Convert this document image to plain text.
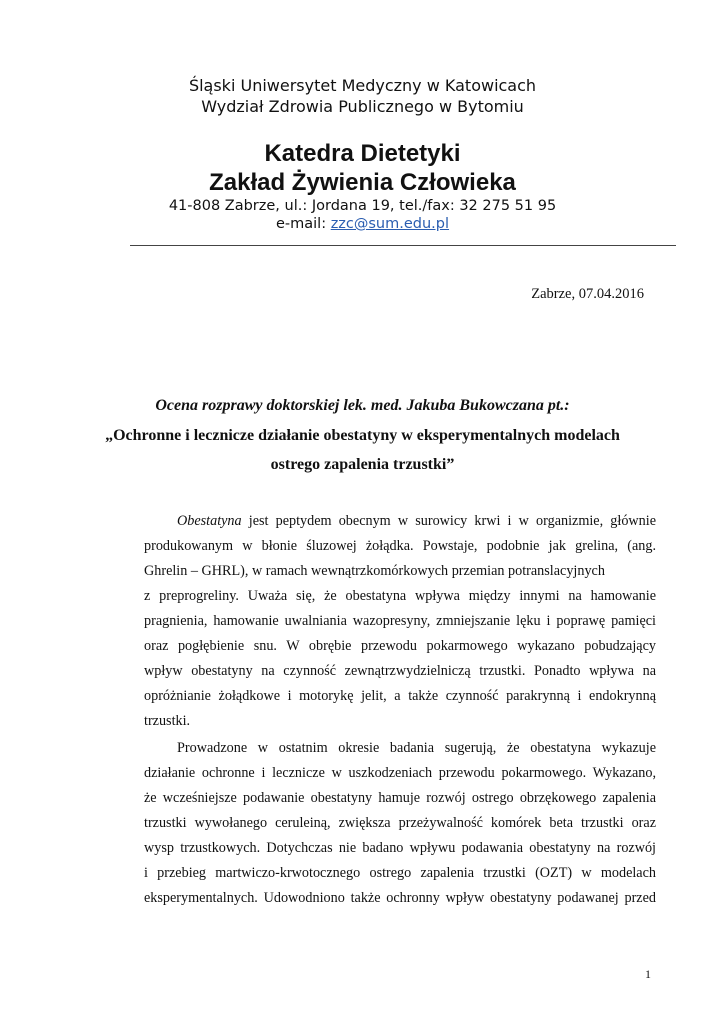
Śląski Uniwersytet Medyczny w Katowicach
Wydział Zdrowia Publicznego w Bytomiu
Katedra Dietetyki
Zakład Żywienia Człowieka
41-808 Zabrze, ul.: Jordana 19, tel./fax: 32 275 51 95
e-mail: zzc@sum.edu.pl
Zabrze, 07.04.2016
Ocena rozprawy doktorskiej lek. med. Jakuba Bukowczana pt.:
„Ochronne i lecznicze działanie obestatyny w eksperymentalnych modelach
ostrego zapalenia trzustki”
Obestatyna jest peptydem obecnym w surowicy krwi i w organizmie, głównie
produkowanym w błonie śluzowej żołądka. Powstaje, podobnie jak grelina, (ang.
Ghrelin – GHRL), w ramach wewnątrzkomórkowych przemian potranslacyjnych
z preprogreliny. Uważa się, że obestatyna wpływa między innymi na hamowanie
pragnienia, hamowanie uwalniania wazopresyny, zmniejszanie lęku i poprawę pamięci
oraz pogłębienie snu. W obrębie przewodu pokarmowego wykazano pobudzający
wpływ obestatyny na czynność zewnątrzwydzielniczą trzustki. Ponadto wpływa na
opróżnianie żołądkowe i motorykę jelit, a także czynność parakrynną i endokrynną
trzustki.
Prowadzone w ostatnim okresie badania sugerują, że obestatyna wykazuje
działanie ochronne i lecznicze w uszkodzeniach przewodu pokarmowego. Wykazano,
że wcześniejsze podawanie obestatyny hamuje rozwój ostrego obrzękowego zapalenia
trzustki wywołanego ceruleiną, zwiększa przeżywalność komórek beta trzustki oraz
wysp trzustkowych. Dotychczas nie badano wpływu podawania obestatyny na rozwój
i przebieg martwiczo-krwotocznego ostrego zapalenia trzustki (OZT) w modelach
eksperymentalnych. Udowodniono także ochronny wpływ obestatyny podawanej przed
1
